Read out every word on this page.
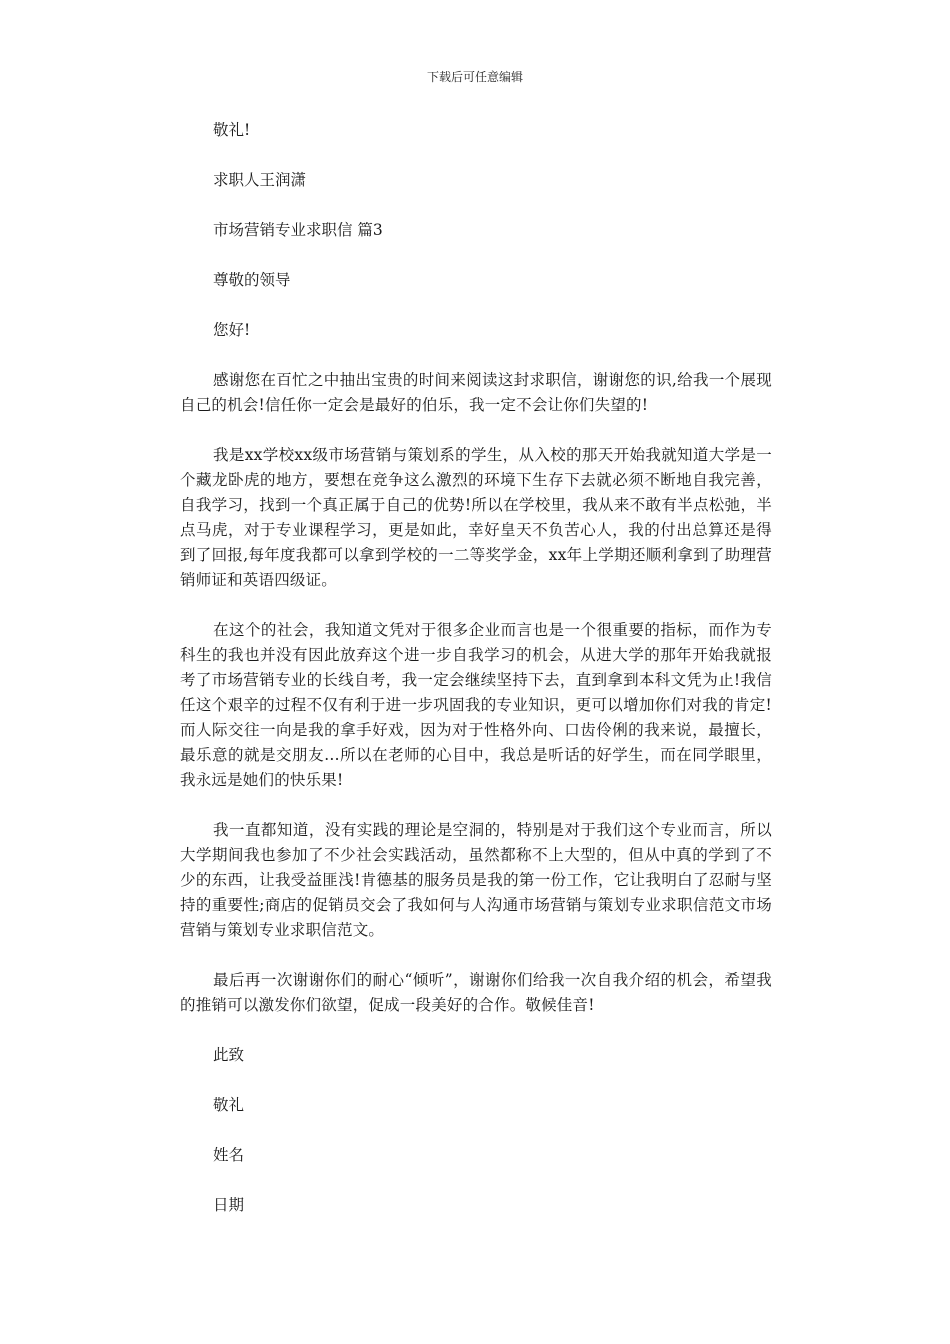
下载后可任意编辑
敬礼!
求职人王润潇
市场营销专业求职信 篇3
尊敬的领导
您好!
感谢您在百忙之中抽出宝贵的时间来阅读这封求职信，谢谢您的识,给我一个展现自己的机会!信任你一定会是最好的伯乐，我一定不会让你们失望的!
我是xx学校xx级市场营销与策划系的学生，从入校的那天开始我就知道大学是一个藏龙卧虎的地方，要想在竞争这么激烈的环境下生存下去就必须不断地自我完善，自我学习，找到一个真正属于自己的优势!所以在学校里，我从来不敢有半点松弛，半点马虎，对于专业课程学习，更是如此，幸好皇天不负苦心人，我的付出总算还是得到了回报,每年度我都可以拿到学校的一二等奖学金，xx年上学期还顺利拿到了助理营销师证和英语四级证。
在这个的社会，我知道文凭对于很多企业而言也是一个很重要的指标，而作为专科生的我也并没有因此放弃这个进一步自我学习的机会，从进大学的那年开始我就报考了市场营销专业的长线自考，我一定会继续坚持下去，直到拿到本科文凭为止!我信任这个艰辛的过程不仅有利于进一步巩固我的专业知识，更可以增加你们对我的肯定!而人际交往一向是我的拿手好戏，因为对于性格外向、口齿伶俐的我来说，最擅长，最乐意的就是交朋友…所以在老师的心目中，我总是听话的好学生，而在同学眼里，我永远是她们的快乐果!
我一直都知道，没有实践的理论是空洞的，特别是对于我们这个专业而言，所以大学期间我也参加了不少社会实践活动，虽然都称不上大型的，但从中真的学到了不少的东西，让我受益匪浅!肯德基的服务员是我的第一份工作，它让我明白了忍耐与坚持的重要性;商店的促销员交会了我如何与人沟通市场营销与策划专业求职信范文市场营销与策划专业求职信范文。
最后再一次谢谢你们的耐心“倾听”，谢谢你们给我一次自我介绍的机会，希望我的推销可以激发你们欲望，促成一段美好的合作。敬候佳音!
此致
敬礼
姓名
日期
